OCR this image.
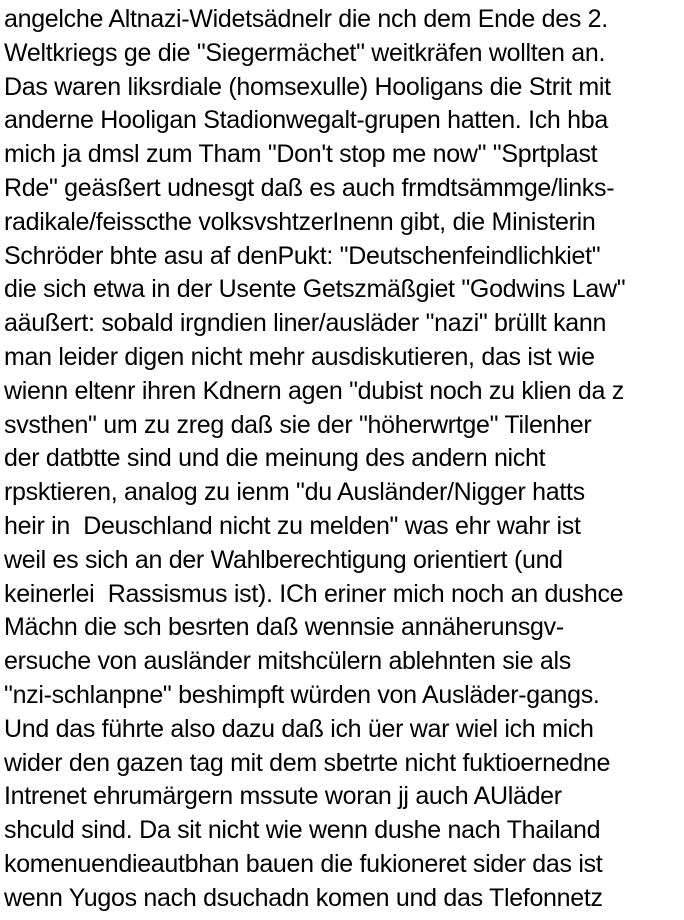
angelche Altnazi-Widetsädnelr die nch dem Ende des 2.
Weltkriegs ge die "Siegermächet" weitkräfen wollten an.
Das waren liksrdiale (homsexulle) Hooligans die Strit mit
anderne Hooligan Stadionwegalt-grupen hatten. Ich hba
mich ja dmsl zum Tham "Don't stop me now" "Sprtplast
Rde" geäsßert udnesgt daß es auch frmdtsämmge/links-
radikale/feisscthe volksvshtzerInenn gibt, die Ministerin
Schröder bhte asu af denPukt: "Deutschenfeindlichkiet"
die sich etwa in der Usente Getszmäßgiet "Godwins Law"
aäußert: sobald irgndien liner/ausläder "nazi" brüllt kann
man leider digen nicht mehr ausdiskutieren, das ist wie
wienn eltenr ihren Kdnern agen "dubist noch zu klien da z
svsthen" um zu zreg daß sie der "höherwrtge" Tilenher
der datbtte sind und die meinung des andern nicht
rpsktieren, analog zu ienm "du Ausländer/Nigger hatts
heir in  Deuschland nicht zu melden" was ehr wahr ist
weil es sich an der Wahlberechtigung orientiert (und
keinerlei  Rassismus ist). ICh eriner mich noch an dushce
Mächn die sch besrten daß wennsie annäherunsgv-
ersuche von ausländer mitshcülern ablehnten sie als
"nzi-schlanpne" beshimpft würden von Ausläder-gangs.
Und das führte also dazu daß ich üer war wiel ich mich
wider den gazen tag mit dem sbetrte nicht fuktioernedne
Intrenet ehrumärgern mssute woran jj auch AUläder
shculd sind. Da sit nicht wie wenn dushe nach Thailand
komenuendieautbhan bauen die fukioneret sider das ist
wenn Yugos nach dsuchadn komen und das Tlefonnetz
